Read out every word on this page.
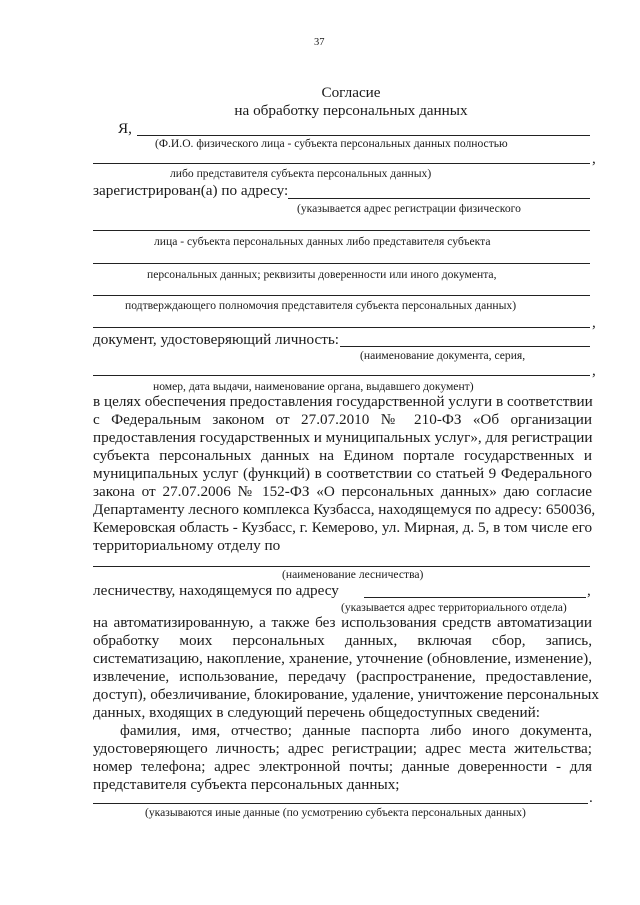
37
Согласие
на обработку персональных данных
Я,
(Ф.И.О. физического лица - субъекта персональных данных полностью
,
либо представителя субъекта персональных данных)
зарегистрирован(а) по адресу:
(указывается адрес регистрации физического
лица - субъекта персональных данных либо представителя субъекта
персональных данных; реквизиты доверенности или иного документа,
подтверждающего полномочия представителя субъекта персональных данных)
,
документ, удостоверяющий личность:
(наименование документа, серия,
,
номер, дата выдачи, наименование органа, выдавшего документ)
в целях обеспечения предоставления государственной услуги в соответствии
с Федеральным законом от 27.07.2010 № 210-ФЗ «Об организации
предоставления государственных и муниципальных услуг», для регистрации
субъекта персональных данных на Едином портале государственных и
муниципальных услуг (функций) в соответствии со статьей 9 Федерального
закона от 27.07.2006 № 152-ФЗ «О персональных данных» даю согласие
Департаменту лесного комплекса Кузбасса, находящемуся по адресу: 650036,
Кемеровская область - Кузбасс, г. Кемерово, ул. Мирная, д. 5, в том числе его
территориальному отделу по
(наименование лесничества)
лесничеству, находящемуся по адресу	,
(указывается адрес территориального отдела)
на автоматизированную, а также без использования средств автоматизации
обработку моих персональных данных, включая сбор, запись,
систематизацию, накопление, хранение, уточнение (обновление, изменение),
извлечение, использование, передачу (распространение, предоставление,
доступ), обезличивание, блокирование, удаление, уничтожение персональных
данных, входящих в следующий перечень общедоступных сведений:
фамилия, имя, отчество; данные паспорта либо иного документа,
удостоверяющего личность; адрес регистрации; адрес места жительства;
номер телефона; адрес электронной почты; данные доверенности - для
представителя субъекта персональных данных;
.
(указываются иные данные (по усмотрению субъекта персональных данных)
